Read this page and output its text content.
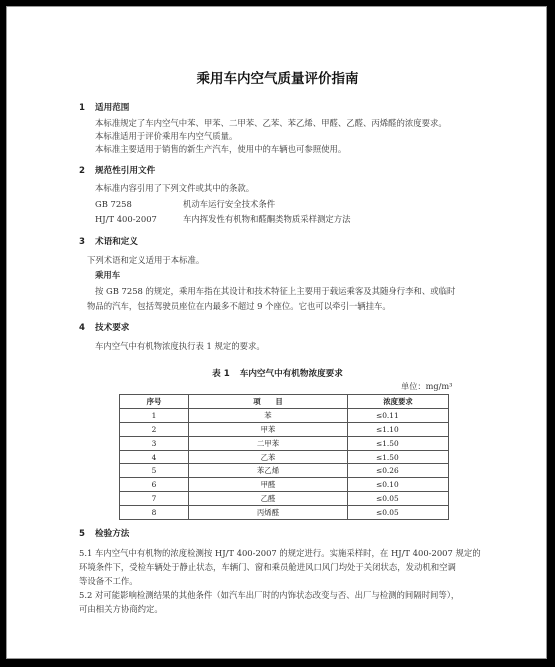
乘用车内空气质量评价指南
1 适用范围
本标准规定了车内空气中苯、甲苯、二甲苯、乙苯、苯乙烯、甲醛、乙醛、丙烯醛的浓度要求。
本标准适用于评价乘用车内空气质量。
本标准主要适用于销售的新生产汽车，使用中的车辆也可参照使用。
2 规范性引用文件
本标准内容引用了下列文件或其中的条款。
GB 7258	机动车运行安全技术条件
HJ/T 400-2007	车内挥发性有机物和醛酮类物质采样测定方法
3 术语和定义
下列术语和定义适用于本标准。
乘用车
按 GB 7258 的规定，乘用车指在其设计和技术特征上主要用于载运乘客及其随身行李和、或临时
物品的汽车，包括驾驶员座位在内最多不超过 9 个座位。它也可以牵引一辆挂车。
4 技术要求
车内空气中有机物浓度执行表 1 规定的要求。
表 1 车内空气中有机物浓度要求
单位：mg/m³
序号	项　　目	浓度要求
1	苯	≤0.11
2	甲苯	≤1.10
3	二甲苯	≤1.50
4	乙苯	≤1.50
5	苯乙烯	≤0.26
6	甲醛	≤0.10
7	乙醛	≤0.05
8	丙烯醛	≤0.05
5 检验方法
5.1 车内空气中有机物的浓度检测按 HJ/T 400-2007 的规定进行。实施采样时，在 HJ/T 400-2007 规定的
环境条件下，受检车辆处于静止状态，车辆门、窗和乘员舱进风口风门均处于关闭状态，发动机和空调
等设备不工作。
5.2 对可能影响检测结果的其他条件（如汽车出厂时的内饰状态改变与否、出厂与检测的间隔时间等），
可由相关方协商约定。
